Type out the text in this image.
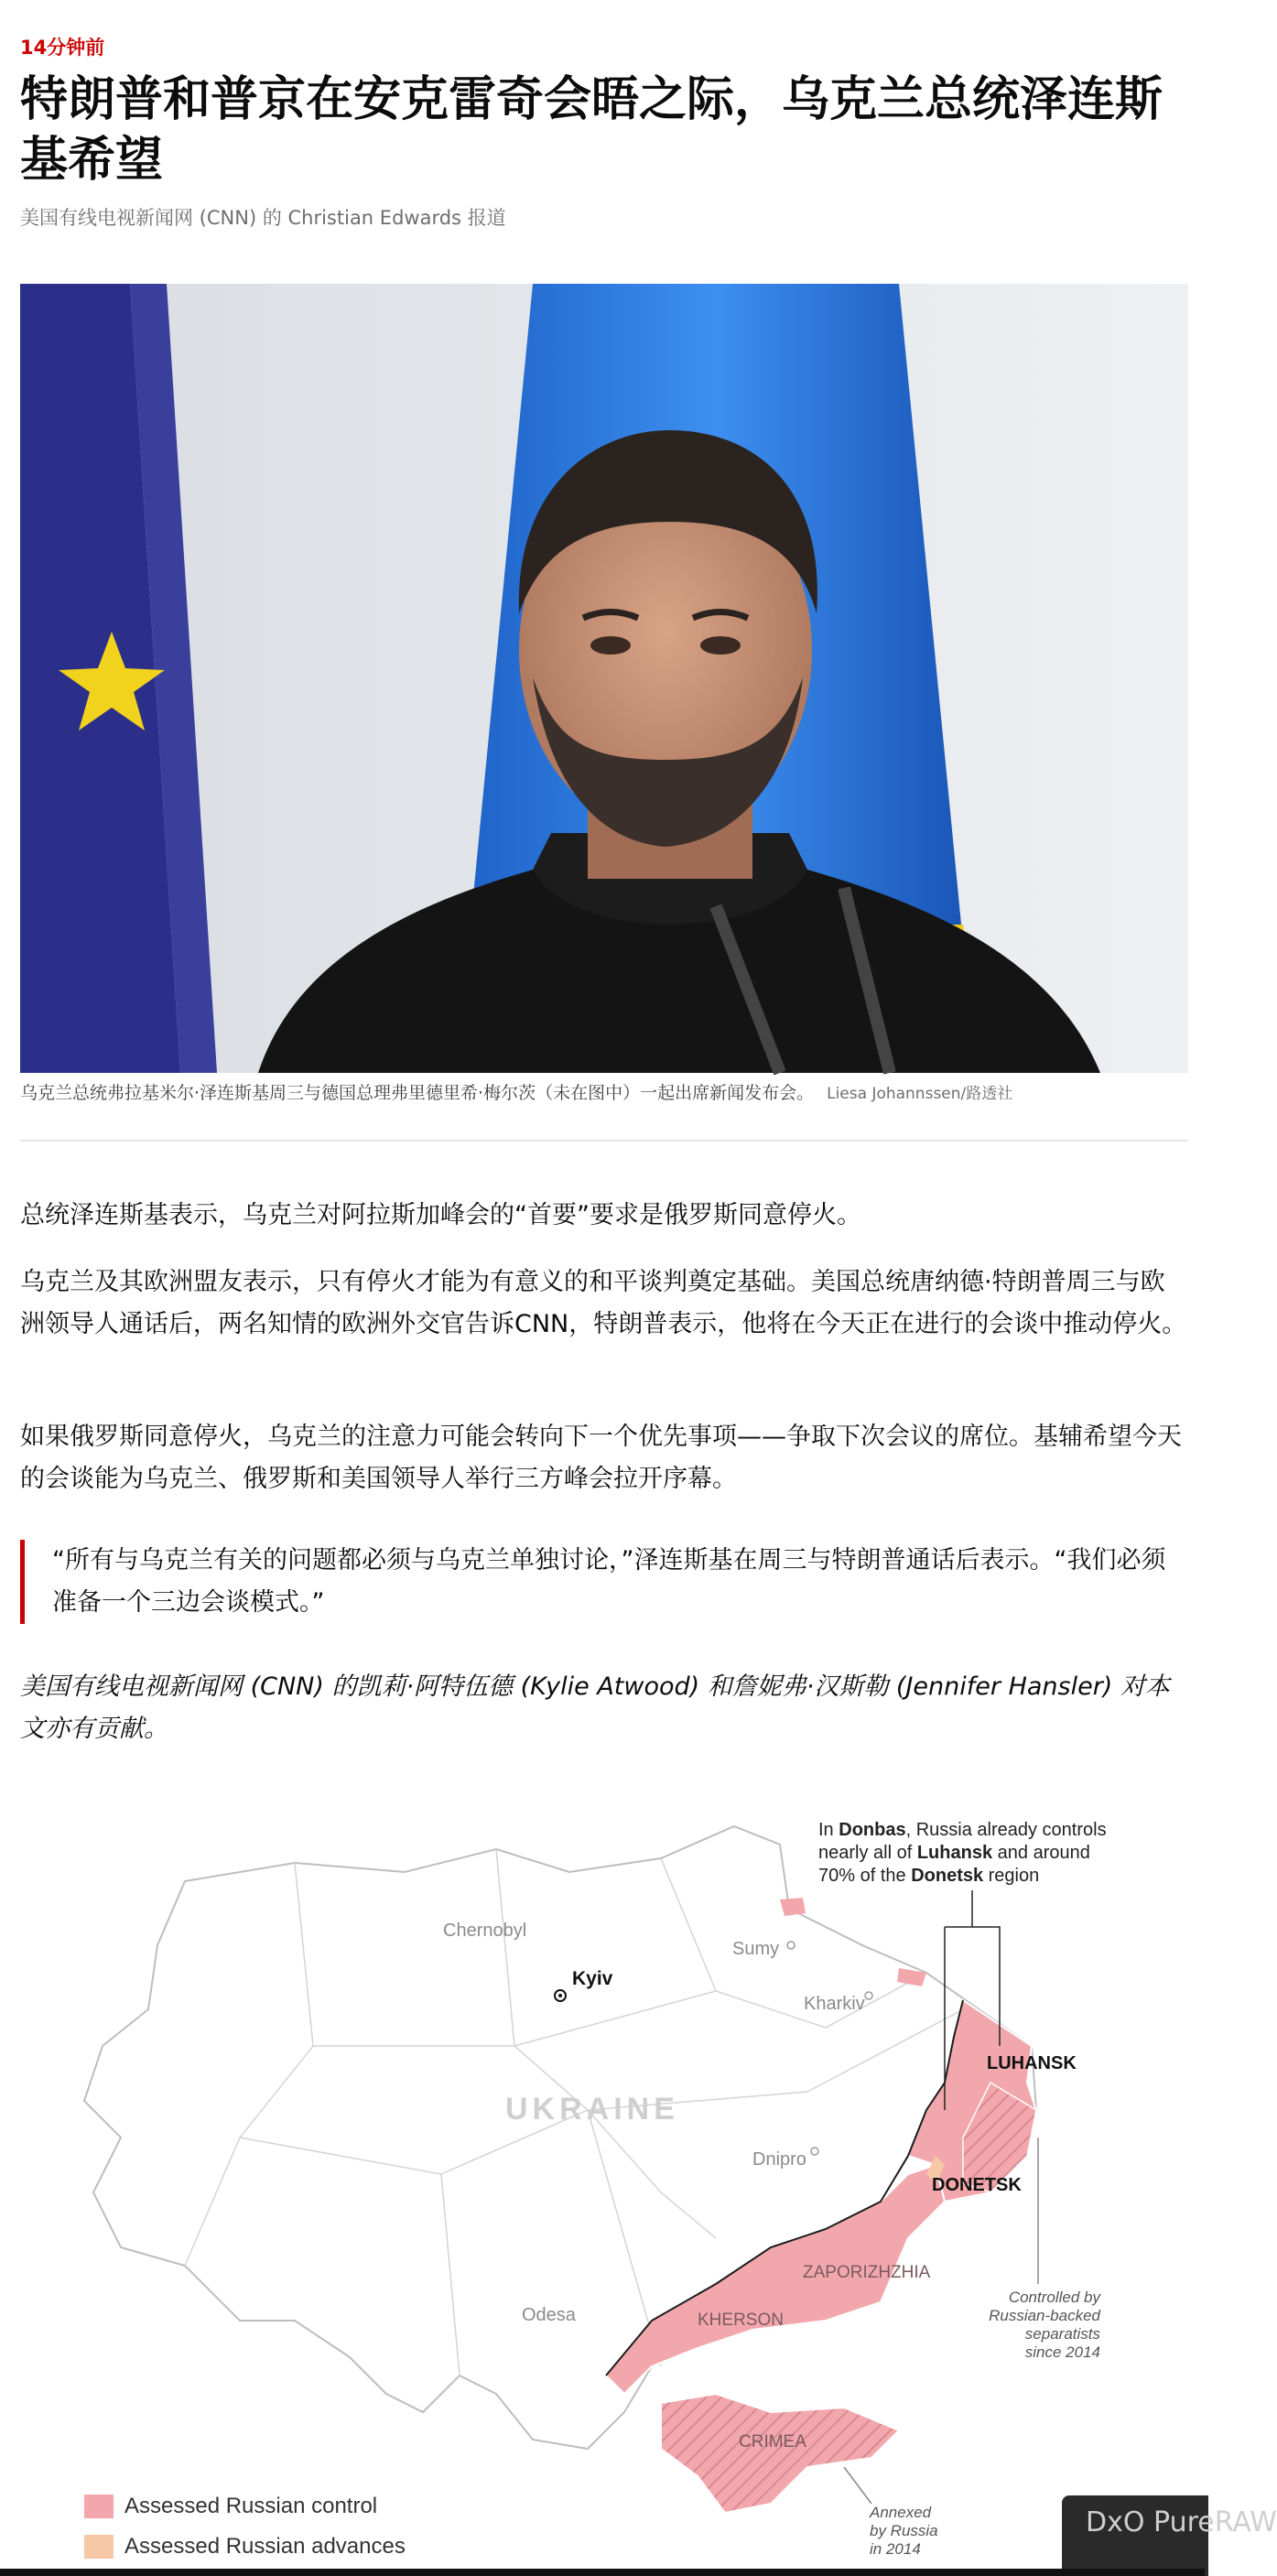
14分钟前
特朗普和普京在安克雷奇会晤之际，乌克兰总统泽连斯基希望
美国有线电视新闻网 (CNN) 的 Christian Edwards 报道
乌克兰总统弗拉基米尔·泽连斯基周三与德国总理弗里德里希·梅尔茨（未在图中）一起出席新闻发布会。 Liesa Johannssen/路透社

总统泽连斯基表示，乌克兰对阿拉斯加峰会的“首要”要求是俄罗斯同意停火。

乌克兰及其欧洲盟友表示，只有停火才能为有意义的和平谈判奠定基础。美国总统唐纳德·特朗普周三与欧洲领导人通话后，两名知情的欧洲外交官告诉CNN，特朗普表示，他将在今天正在进行的会谈中推动停火。

如果俄罗斯同意停火，乌克兰的注意力可能会转向下一个优先事项——争取下次会议的席位。基辅希望今天的会谈能为乌克兰、俄罗斯和美国领导人举行三方峰会拉开序幕。

“所有与乌克兰有关的问题都必须与乌克兰单独讨论，”泽连斯基在周三与特朗普通话后表示。“我们必须准备一个三边会谈模式。”

美国有线电视新闻网 (CNN) 的凯莉·阿特伍德 (Kylie Atwood) 和詹妮弗·汉斯勒 (Jennifer Hansler) 对本文亦有贡献。

In Donbas, Russia already controls
nearly all of Luhansk and around
70% of the Donetsk region
UKRAINE
Kyiv
Chernobyl
Sumy
Kharkiv
Dnipro
Odesa
LUHANSK
DONETSK
ZAPORIZHZHIA
KHERSON
CRIMEA
Controlled by
Russian-backed
separatists
since 2014
Annexed
by Russia
in 2014
Assessed Russian control
Assessed Russian advances
DxO PureRAW
